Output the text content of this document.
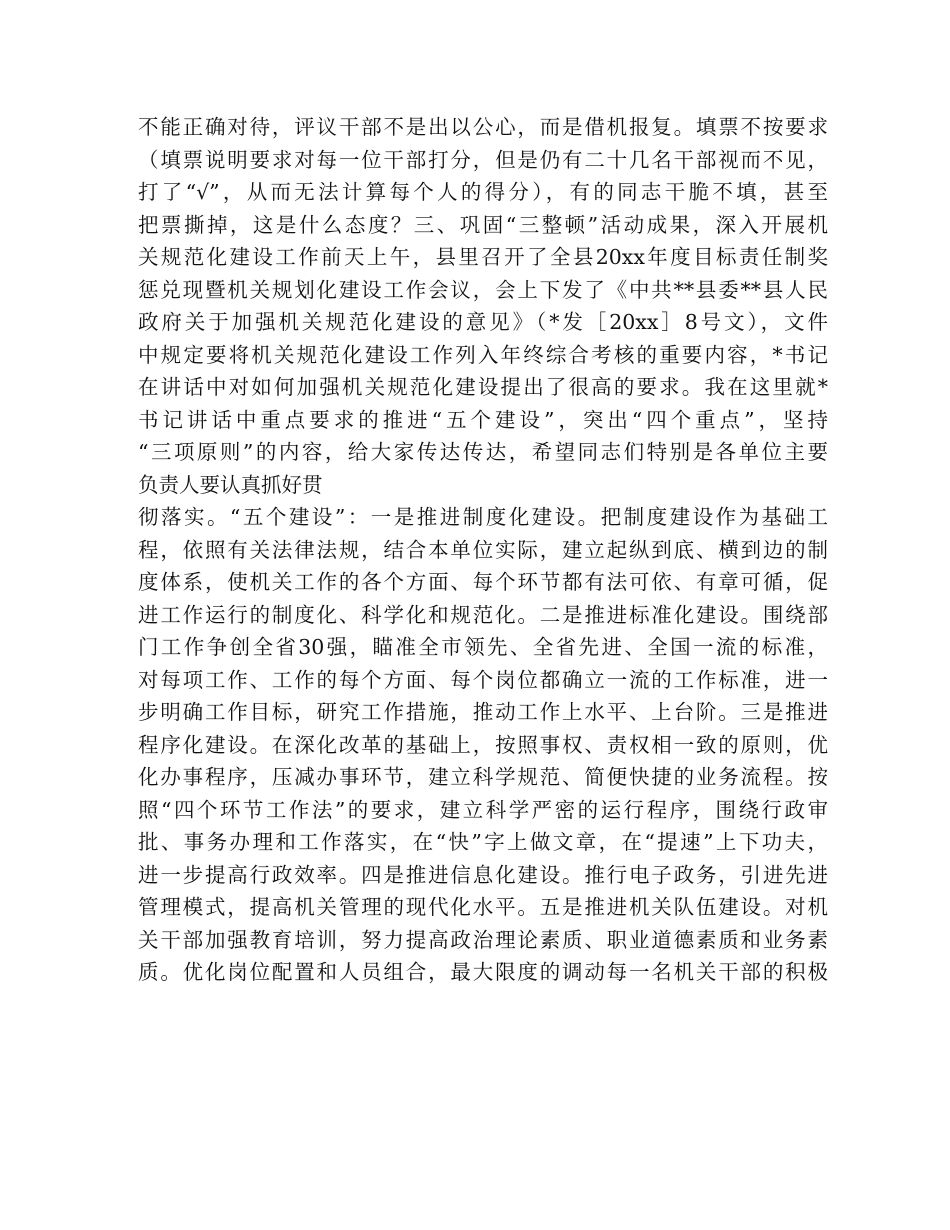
不能正确对待，评议干部不是出以公心，而是借机报复。填票不按要求
（填票说明要求对每一位干部打分，但是仍有二十几名干部视而不见，
打了“√”，从而无法计算每个人的得分），有的同志干脆不填，甚至
把票撕掉，这是什么态度？三、巩固“三整顿”活动成果，深入开展机
关规范化建设工作前天上午，县里召开了全县20xx年度目标责任制奖
惩兑现暨机关规划化建设工作会议，会上下发了《中共**县委**县人民
政府关于加强机关规范化建设的意见》（*发［20xx］8号文），文件
中规定要将机关规范化建设工作列入年终综合考核的重要内容，*书记
在讲话中对如何加强机关规范化建设提出了很高的要求。我在这里就*
书记讲话中重点要求的推进“五个建设”，突出“四个重点”，坚持
“三项原则”的内容，给大家传达传达，希望同志们特别是各单位主要
负责人要认真抓好贯
彻落实。“五个建设”：一是推进制度化建设。把制度建设作为基础工
程，依照有关法律法规，结合本单位实际，建立起纵到底、横到边的制
度体系，使机关工作的各个方面、每个环节都有法可依、有章可循，促
进工作运行的制度化、科学化和规范化。二是推进标准化建设。围绕部
门工作争创全省30强，瞄准全市领先、全省先进、全国一流的标准，
对每项工作、工作的每个方面、每个岗位都确立一流的工作标准，进一
步明确工作目标，研究工作措施，推动工作上水平、上台阶。三是推进
程序化建设。在深化改革的基础上，按照事权、责权相一致的原则，优
化办事程序，压减办事环节，建立科学规范、简便快捷的业务流程。按
照“四个环节工作法”的要求，建立科学严密的运行程序，围绕行政审
批、事务办理和工作落实，在“快”字上做文章，在“提速”上下功夫，
进一步提高行政效率。四是推进信息化建设。推行电子政务，引进先进
管理模式，提高机关管理的现代化水平。五是推进机关队伍建设。对机
关干部加强教育培训，努力提高政治理论素质、职业道德素质和业务素
质。优化岗位配置和人员组合，最大限度的调动每一名机关干部的积极
